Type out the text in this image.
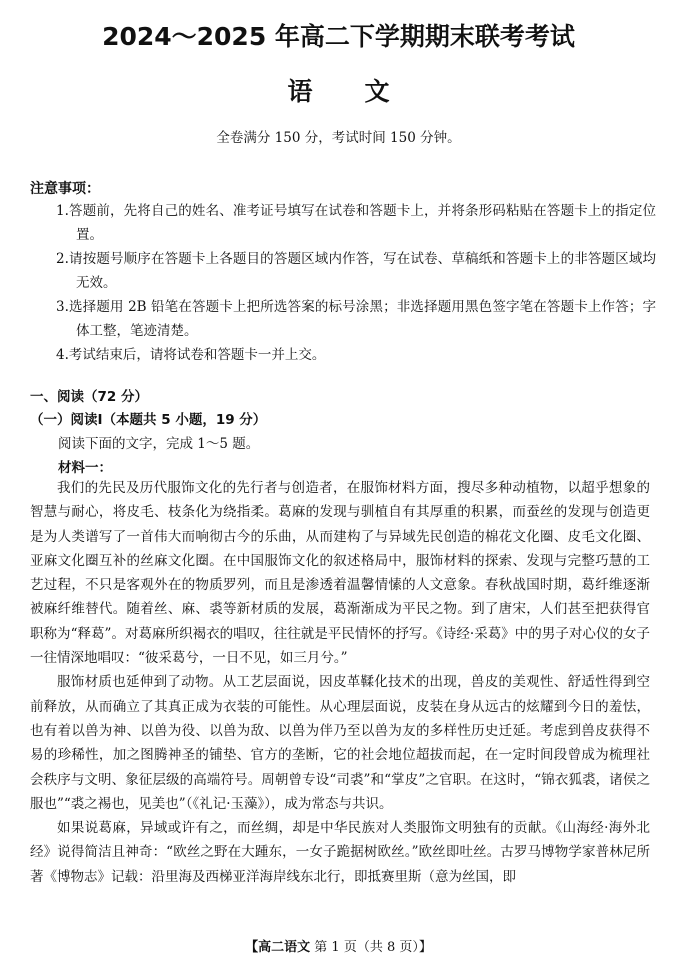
2024～2025 年高二下学期期末联考考试
语文
全卷满分 150 分，考试时间 150 分钟。
注意事项：
1.答题前，先将自己的姓名、准考证号填写在试卷和答题卡上，并将条形码粘贴在答题卡上的指定位置。
2.请按题号顺序在答题卡上各题目的答题区域内作答，写在试卷、草稿纸和答题卡上的非答题区域均无效。
3.选择题用 2B 铅笔在答题卡上把所选答案的标号涂黑；非选择题用黑色签字笔在答题卡上作答；字体工整，笔迹清楚。
4.考试结束后，请将试卷和答题卡一并上交。
一、阅读（72 分）
（一）阅读Ⅰ（本题共 5 小题，19 分）
阅读下面的文字，完成 1～5 题。
材料一：

我们的先民及历代服饰文化的先行者与创造者，在服饰材料方面，搜尽多种动植物，以超乎想象的智慧与耐心，将皮毛、枝条化为绕指柔。葛麻的发现与驯植自有其厚重的积累，而蚕丝的发现与创造更是为人类谱写了一首伟大而响彻古今的乐曲，从而建构了与异域先民创造的棉花文化圈、皮毛文化圈、亚麻文化圈互补的丝麻文化圈。在中国服饰文化的叙述格局中，服饰材料的探索、发现与完整巧慧的工艺过程，不只是客观外在的物质罗列，而且是渗透着温馨情愫的人文意象。春秋战国时期，葛纤维逐渐被麻纤维替代。随着丝、麻、裘等新材质的发展，葛渐渐成为平民之物。到了唐宋，人们甚至把获得官职称为“释葛”。对葛麻所织褐衣的唱叹，往往就是平民情怀的抒写。《诗经·采葛》中的男子对心仪的女子一往情深地唱叹：“彼采葛兮，一日不见，如三月兮。”

服饰材质也延伸到了动物。从工艺层面说，因皮革鞣化技术的出现，兽皮的美观性、舒适性得到空前释放，从而确立了其真正成为衣装的可能性。从心理层面说，皮装在身从远古的炫耀到今日的羞怯，也有着以兽为神、以兽为役、以兽为敌、以兽为伴乃至以兽为友的多样性历史迁延。考虑到兽皮获得不易的珍稀性，加之图腾神圣的铺垫、官方的垄断，它的社会地位超拔而起，在一定时间段曾成为梳理社会秩序与文明、象征层级的高端符号。周朝曾专设“司裘”和“掌皮”之官职。在这时，“锦衣狐裘，诸侯之服也”“裘之裼也，见美也”（《礼记·玉藻》），成为常态与共识。

如果说葛麻，异域或许有之，而丝绸，却是中华民族对人类服饰文明独有的贡献。《山海经·海外北经》说得简洁且神奇：“欧丝之野在大踵东，一女子跪据树欧丝。”欧丝即吐丝。古罗马博物学家普林尼所著《博物志》记载：沿里海及西梯亚洋海岸线东北行，即抵赛里斯（意为丝国，即

【高二语文 第 1 页（共 8 页）】
